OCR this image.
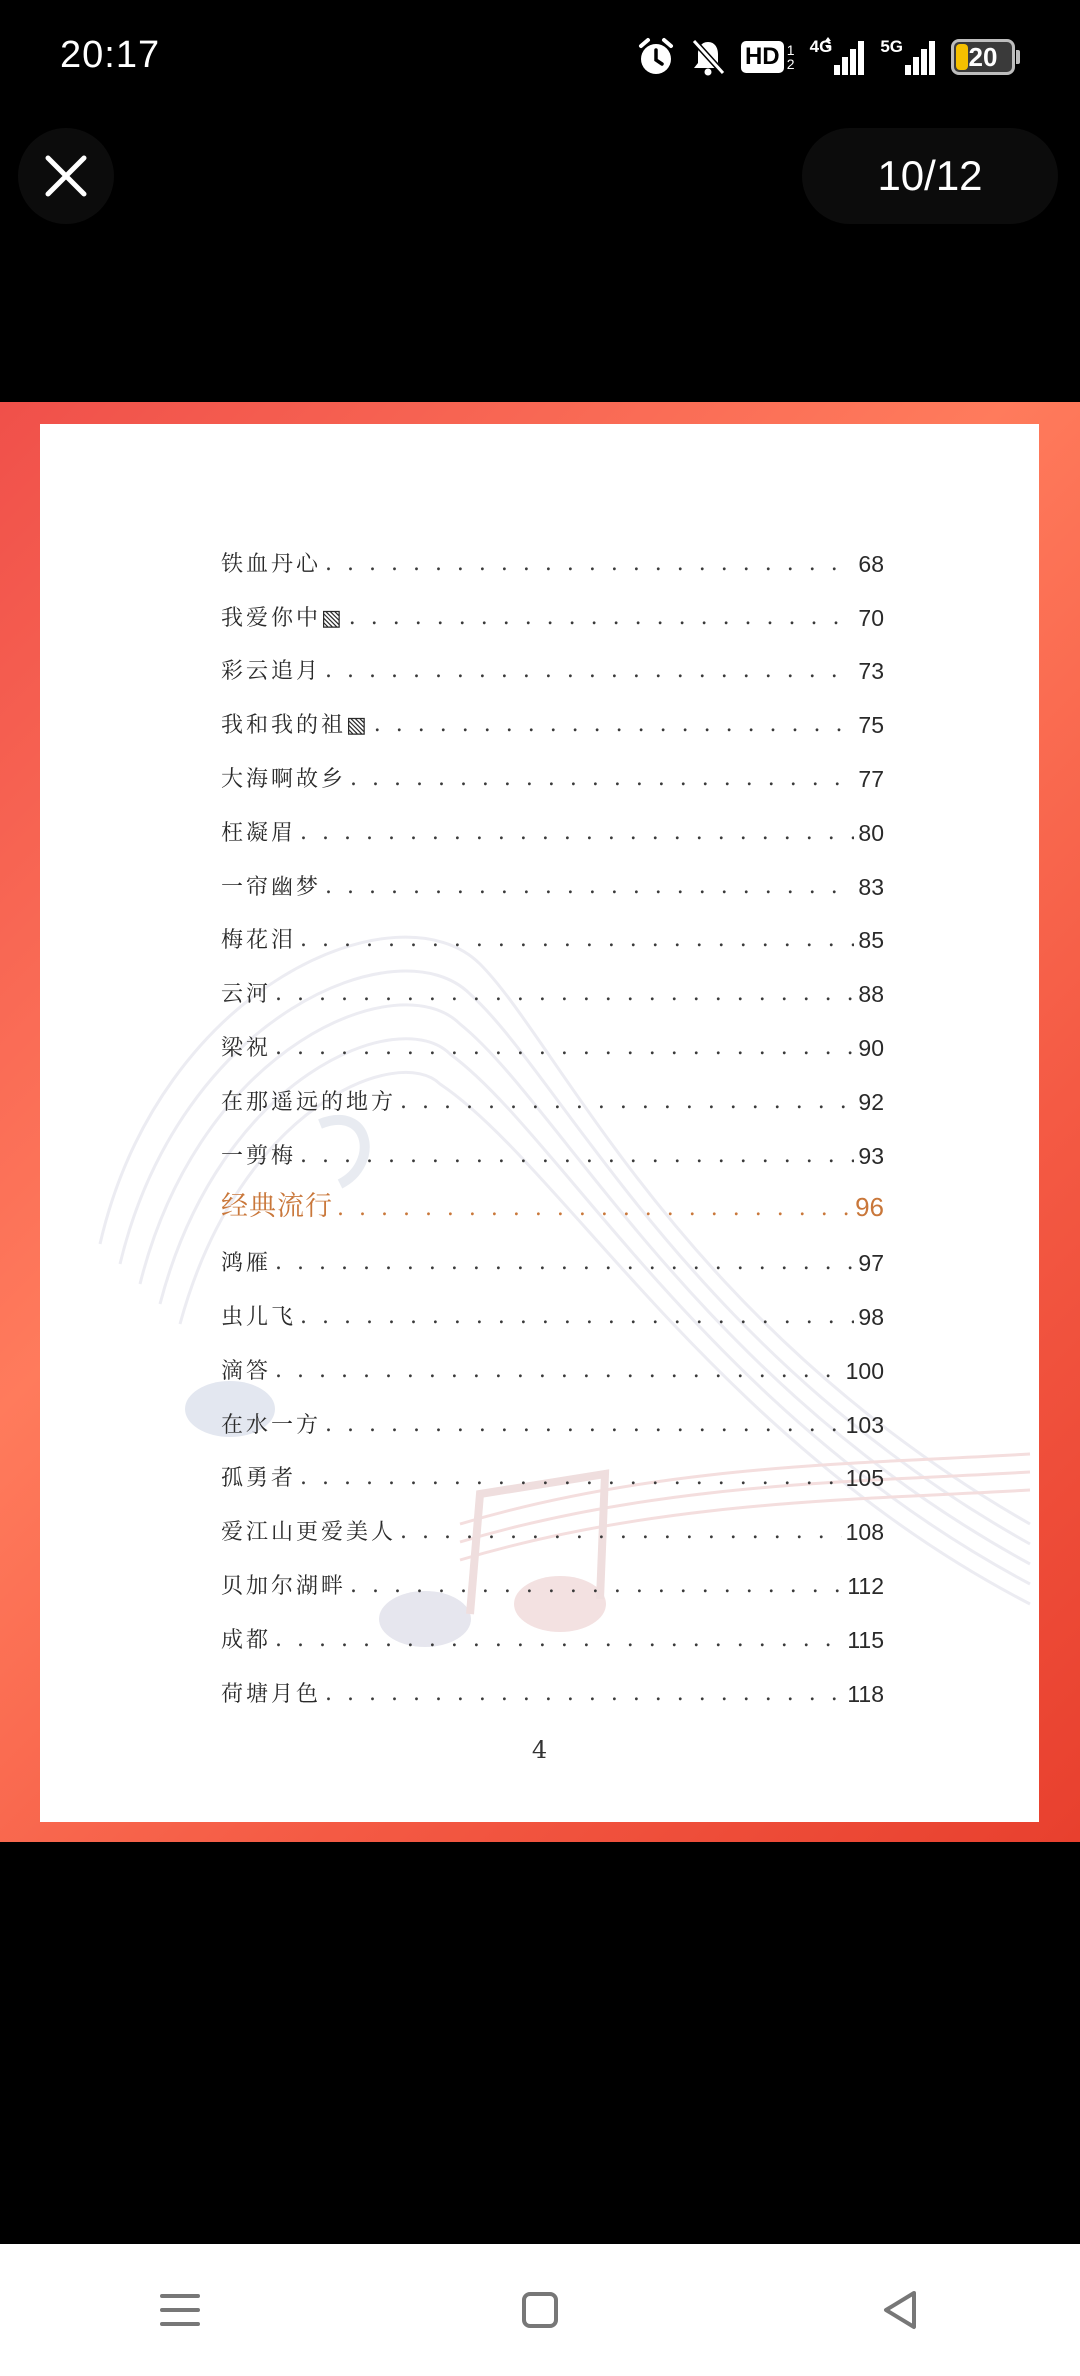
20:17	HD 1 2
4G	5G	20
10/12
铁血丹心 . . .	68
我爱你中▧ . . .	70
彩云追月 . . .	73
我和我的祖▧ . . .	75
大海啊故乡 . . .	77
枉凝眉 . . .	80
一帘幽梦 . . .	83
梅花泪 . . .	85
云河 . . .	88
梁祝 . . .	90
在那遥远的地方 . . .	92
一剪梅 . . .	93
经典流行 . . .	96
鸿雁 . . .	97
虫儿飞 . . .	98
滴答 . . .	100
在水一方 . . .	103
孤勇者 . . .	105
爱江山更爱美人 . . .	108
贝加尔湖畔 . . .	112
成都 . . .	115
荷塘月色 . . .	118
4
